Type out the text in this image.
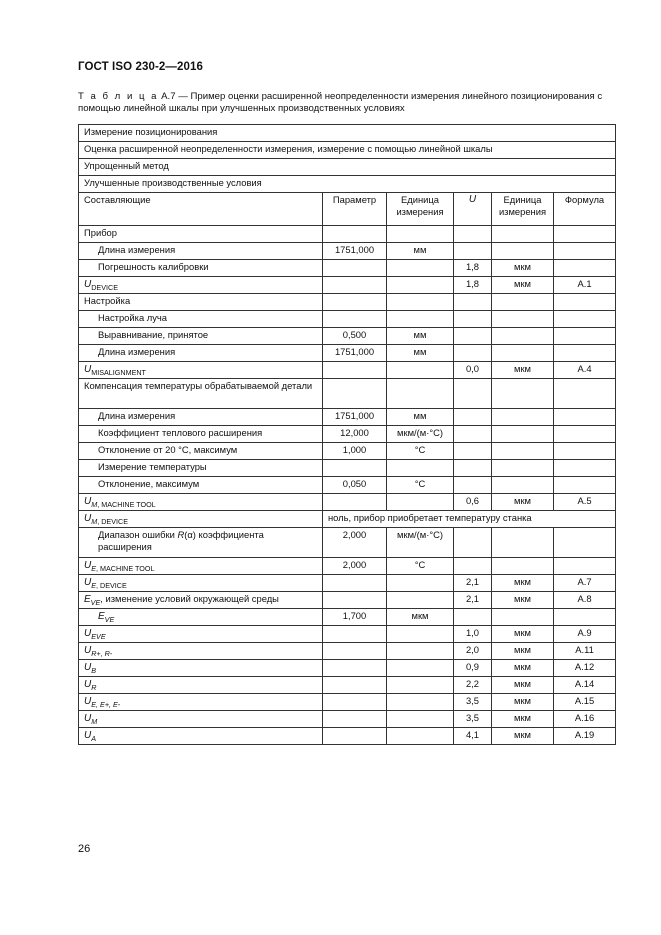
ГОСТ ISO 230-2—2016
Т а б л и ц а А.7 — Пример оценки расширенной неопределенности измерения линейного позиционирования с помощью линейной шкалы при улучшенных производственных условиях
Измерение позиционирования					
Оценка расширенной неопределенности измерения, измерение с помощью линейной шкалы					
Упрощенный метод					
Улучшенные производственные условия					
Составляющие	Параметр	Единица измерения	U	Единица измерения	Формула
Прибор					
Длина измерения	1751,000	мм			
Погрешность калибровки			1,8	мкм	
$U_{DEVICE}$			1,8	мкм	A.1
Настройка					
Настройка луча					
Выравнивание, принятое	0,500	мм			
Длина измерения	1751,000	мм			
$U_{MISALIGNMENT}$			0,0	мкм	A.4
Компенсация температуры обрабатываемой детали					
Длина измерения	1751,000	мм			
Коэффициент теплового расширения	12,000	мкм/(м·°C)			
Отклонение от 20 °C, максимум	1,000	°C			
Измерение температуры					
Отклонение, максимум	0,050	°C			
$U_{M, MACHINE TOOL}$			0,6	мкм	A.5
$U_{M, DEVICE}$	ноль, прибор приобретает температуру станка				
Диапазон ошибки R(α) коэффициента расширения	2,000	мкм/(м·°C)			
$U_{E, MACHINE TOOL}$	2,000	°C			
$U_{E, DEVICE}$			2,1	мкм	A.7
$E_{VE}$, изменение условий окружающей среды			2,1	мкм	A.8
$E_{VE}$	1,700	мкм			
$U_{EVE}$			1,0	мкм	A.9
$U_{R+, R-}$			2,0	мкм	A.11
$U_B$			0,9	мкм	A.12
$U_R$			2,2	мкм	A.14
$U_{E, E+, E-}$			3,5	мкм	A.15
$U_M$			3,5	мкм	A.16
$U_A$			4,1	мкм	A.19
26
